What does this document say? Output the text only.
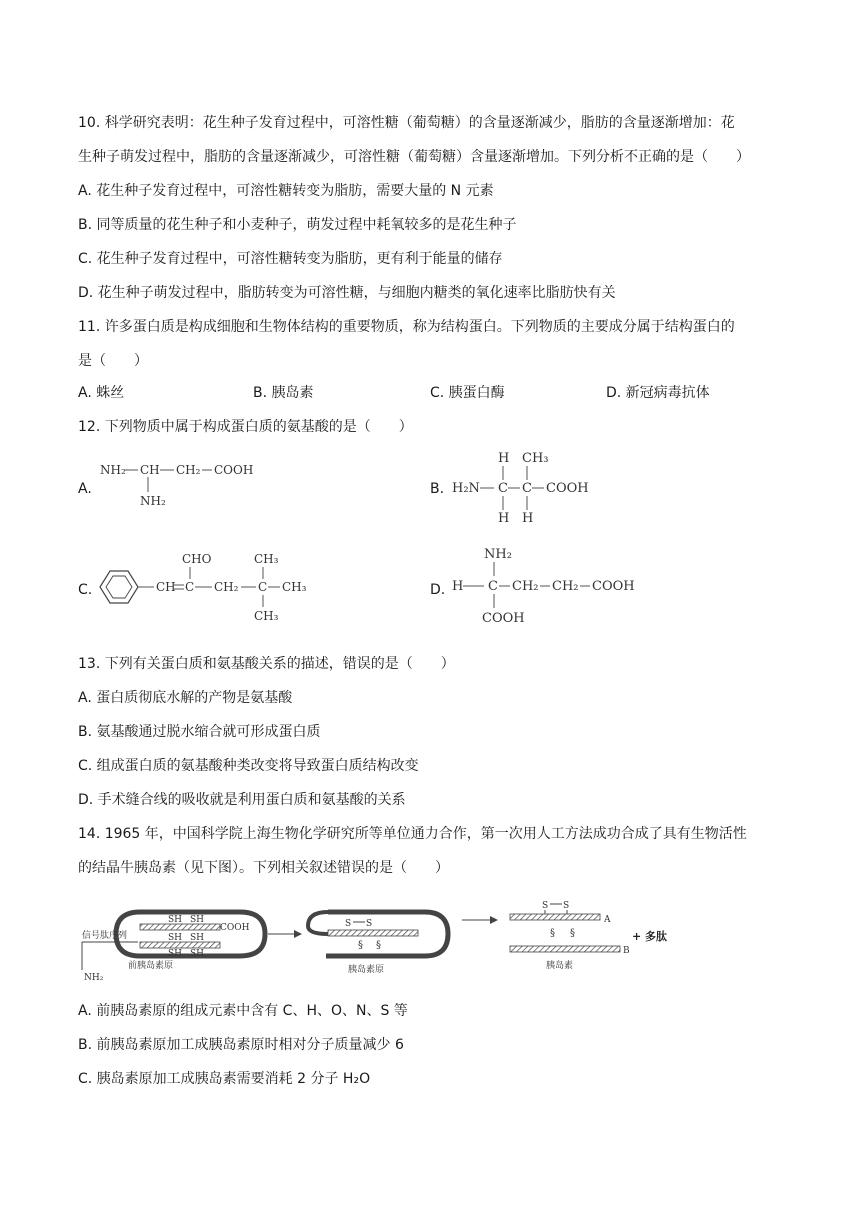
10. 科学研究表明：花生种子发育过程中，可溶性糖（葡萄糖）的含量逐渐减少，脂肪的含量逐渐增加：花
生种子萌发过程中，脂肪的含量逐渐减少，可溶性糖（葡萄糖）含量逐渐增加。下列分析不正确的是（　　）
A. 花生种子发育过程中，可溶性糖转变为脂肪，需要大量的 N 元素
B. 同等质量的花生种子和小麦种子，萌发过程中耗氧较多的是花生种子
C. 花生种子发育过程中，可溶性糖转变为脂肪，更有利于能量的储存
D. 花生种子萌发过程中，脂肪转变为可溶性糖，与细胞内糖类的氧化速率比脂肪快有关
11. 许多蛋白质是构成细胞和生物体结构的重要物质，称为结构蛋白。下列物质的主要成分属于结构蛋白的
是（　　）
A. 蛛丝	B. 胰岛素	C. 胰蛋白酶	D. 新冠病毒抗体
12. 下列物质中属于构成蛋白质的氨基酸的是（　　）
A.
NH₂ CH CH₂ COOH
NH₂
B.
H CH₃
H₂N C C COOH
H H
C.	CH C
CHO
CH₂ C
CH₃
CH₃
CH₃
D.
NH₂
H C CH₂ CH₂ COOH
COOH
13. 下列有关蛋白质和氨基酸关系的描述，错误的是（　　）
A. 蛋白质彻底水解的产物是氨基酸
B. 氨基酸通过脱水缩合就可形成蛋白质
C. 组成蛋白质的氨基酸种类改变将导致蛋白质结构改变
D. 手术缝合线的吸收就是利用蛋白质和氨基酸的关系
14. 1965 年，中国科学院上海生物化学研究所等单位通力合作，第一次用人工方法成功合成了具有生物活性
的结晶牛胰岛素（见下图）。下列相关叙述错误的是（　　）
SH SH
COOH
SH SH
SH SH
信号肽序列
NH₂
前胰岛素原
S S
§ §
胰岛素原
S S
A
§ §
B
+ 多肽
胰岛素
A. 前胰岛素原的组成元素中含有 C、H、O、N、S 等
B. 前胰岛素原加工成胰岛素原时相对分子质量减少 6
C. 胰岛素原加工成胰岛素需要消耗 2 分子 H₂O
